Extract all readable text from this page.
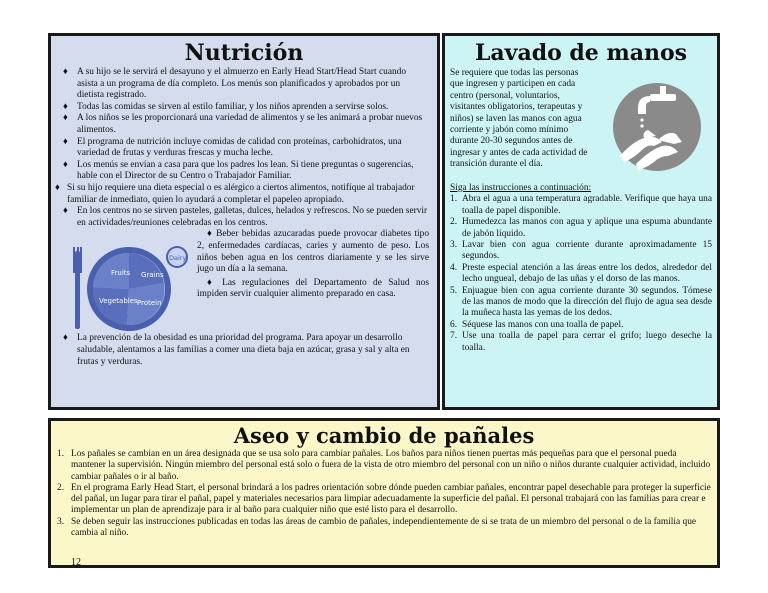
Nutrición
♦ A su hijo se le servirá el desayuno y el almuerzo en Early Head Start/Head Start cuando asista a un programa de día completo. Los menús son planificados y aprobados por un dietista registrado.
♦ Todas las comidas se sirven al estilo familiar, y los niños aprenden a servirse solos.
♦ A los niños se les proporcionará una variedad de alimentos y se les animará a probar nuevos alimentos.
♦ El programa de nutrición incluye comidas de calidad con proteínas, carbohidratos, una variedad de frutas y verduras frescas y mucha leche.
♦ Los menús se envían a casa para que los padres los lean. Si tiene preguntas o sugerencias, hable con el Director de su Centro o Trabajador Familiar.
♦ Si su hijo requiere una dieta especial o es alérgico a ciertos alimentos, notifíque al trabajador familiar de inmediato, quien lo ayudará a completar el papeleo apropiado.
♦ En los centros no se sirven pasteles, galletas, dulces, helados y refrescos. No se pueden servir en actividades/reuniones celebradas en los centros.
Fruits Grains
Vegetables Protein
Dairy

♦ Beber bebidas azucaradas puede provocar diabetes tipo 2, enfermedades cardíacas, caries y aumento de peso. Los niños beben agua en los centros diariamente y se les sirve jugo un día a la semana.

♦ Las regulaciones del Departamento de Salud nos impiden servir cualquier alimento preparado en casa.

♦ La prevención de la obesidad es una prioridad del programa. Para apoyar un desarrollo saludable, alentamos a las familias a comer una dieta baja en azúcar, grasa y sal y alta en frutas y verduras.
Lavado de manos
Se requiere que todas las personas que ingresen y participen en cada centro (personal, voluntarios, visitantes obligatorios, terapeutas y niños) se laven las manos con agua corriente y jabón como mínimo durante 20-30 segundos antes de ingresar y antes de cada actividad de transición durante el día.
Siga las instrucciones a continuación:
1. Abra el agua a una temperatura agradable. Verifique que haya una toalla de papel disponible.
2. Humedezca las manos con agua y aplique una espuma abundante de jabón líquido.
3. Lavar bien con agua corriente durante aproximadamente 15 segundos.
4. Preste especial atención a las áreas entre los dedos, alrededor del lecho ungueal, debajo de las uñas y el dorso de las manos.
5. Enjuague bien con agua corriente durante 30 segundos. Tómese de las manos de modo que la dirección del flujo de agua sea desde la muñeca hasta las yemas de los dedos.
6. Séquese las manos con una toalla de papel.
7. Use una toalla de papel para cerrar el grifo; luego deseche la toalla.
Aseo y cambio de pañales
1. Los pañales se cambian en un área designada que se usa solo para cambiar pañales. Los baños para niños tienen puertas más pequeñas para que el personal pueda mantener la supervisión. Ningún miembro del personal está solo o fuera de la vista de otro miembro del personal con un niño o niños durante cualquier actividad, incluido cambiar pañales o ir al baño.
2. En el programa Early Head Start, el personal brindará a los padres orientación sobre dónde pueden cambiar pañales, encontrar papel desechable para proteger la superficie del pañal, un lugar para tirar el pañal, papel y materiales necesarios para limpiar adecuadamente la superficie del pañal. El personal trabajará con las familias para crear e implementar un plan de aprendizaje para ir al baño para cualquier niño que esté listo para el desarrollo.
3. Se deben seguir las instrucciones publicadas en todas las áreas de cambio de pañales, independientemente de si se trata de un miembro del personal o de la familia que cambia al niño.
12
